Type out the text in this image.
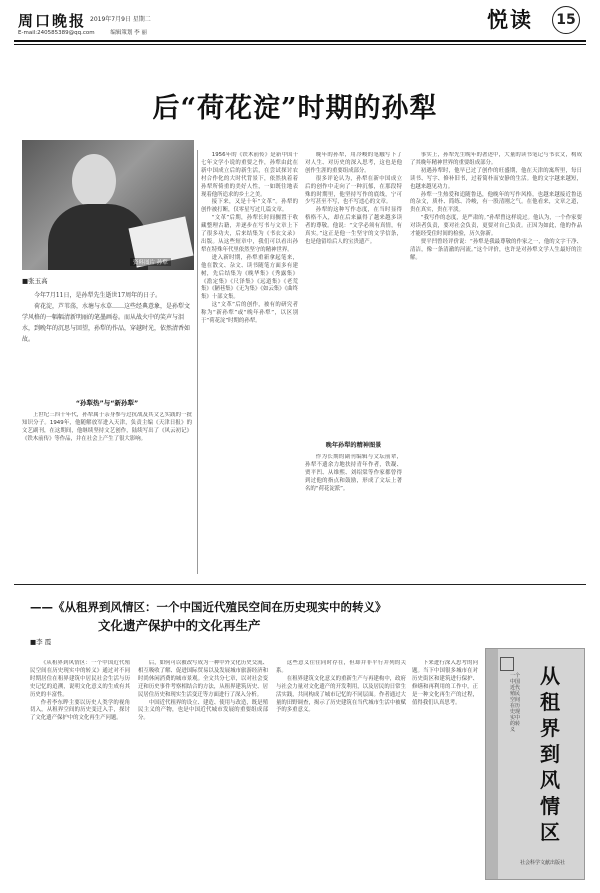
周口晚报 2019年7月9日 星期二
E-mail:240585389@qq.com	编辑策划 李 丽
悦读	15
后“荷花淀”时期的孙犁
资料图片 孙犁
■张玉高

今年7月11日，是孙犁先生逝世17周年的日子。

荷花淀，芦苇荡，水塘与水草……这些经典意象，是孙犁文学风格的一幅幅清新明丽的笔墨画卷。而从战火中的笑声与泪水，到晚年的沉思与回望，孙犁的作品，穿越时光，依然清香如故。

“孙犁热”与“新孙犁”

上世纪三四十年代，孙犁属于亲身参与过抗战及其文艺实践的一批知识分子。1949年，他随解放军进入天津，负责主编《天津日报》的文艺副刊，在这期间，他继续坚持文艺创作，陆续写出了《风云初记》《铁木前传》等作品，并在社会上产生了很大影响。

1956年的《铁木前传》是新中国十七年文学小说的重要之作，孙犁由此在新中国成立后的新生活，在尝试探讨农村合作化的大时代背景下，依然执着着孙犁所倚重的美好人性，一如既往地表现着他所追求的乡土之美。

接下来，又是十年“文革”。孙犁的创作被打断，仅零星写过几篇文章。

“文革”后期，孙犁长时间搁置于收藏整理古籍，并逐步在写书与文章上下了很多功夫，后来结集为《书衣文录》出版。从这些短章中，我们可以看出孙犁在特殊年代里依然坚守的精神世界。

进入新时期，孙犁重新拿起笔来，他在散文、杂文、读书随笔方面多有建树，先后结集为《晚华集》《秀露集》《澹定集》《尺泽集》《远道集》《老荒集》《陋巷集》《无为集》《如云集》《曲终集》十部文集。

这“文革”后的创作，被有的研究者称为“新孙犁”或“晚年孙犁”，以区别于“荷花淀”时期的孙犁。

晚年的孙犁，用冷峻的笔触写下了对人生、对历史的深入思考，这也是他创作生涯的重要组成部分。

很多评论认为，孙犁在新中国成立后的创作中走向了一种沉郁，在那段特殊的时期里，他坚持写作的底线，宁可少写甚至不写，也不写违心的文章。

孙犁的这种写作态度，在当时显得格格不入，却在后来赢得了越来越多读者的尊敬。他说：“文学必须有真情，有真实。”这正是他一生坚守的文学信条，也是他留给后人的宝贵遗产。

晚年孙犁的精神图景

作为长期的副刊编辑与文坛前辈，孙犁不遗余力地扶持青年作者，铁凝、贾平凹、从维熙、刘绍棠等作家都曾得到过他的指点和鼓励，形成了文坛上著名的“荷花淀派”。

事实上，孙犁先生晚年的著述中，大量的读书笔记与书衣文，构成了其晚年精神世界的重要组成部分。

初遇孙犁时，他早已过了创作的旺盛期，他在天津的寓所里，每日读书、写字、修补旧书，过着简朴而安静的生活。他的文字越来越短，也越来越见功力。

孙犁一生热爱和追随鲁迅，他晚年的写作风格，也越来越接近鲁迅的杂文，质朴、简练、冷峻，有一股清刚之气。在他看来，文章之道，贵在真实，贵在平淡。

“我写作的态度，是严肃的。”孙犁曾这样说过。他认为，一个作家要对读者负责，要对社会负责，更要对自己负责。正因为如此，他的作品才能经受住时间的检验，历久弥新。

贾平凹曾经评价说：“孙犁是我最尊敬的作家之一，他的文字干净、清洁，像一条清澈的河流。”这个评价，也许是对孙犁文学人生最好的注解。

——《从租界到风情区：一个中国近代殖民空间在历史现实中的转义》
文化遗产保护中的文化再生产
■李 霞

《从租界到风情区：一个中国近代殖民空间在历史现实中的转义》通过对不同时期居住在租界建筑中居民社会生活与历史记忆的追溯，说明文化意义的生成有其历史的丰富性。

作者李东晔主要以历史人类学的视角切入，从租界空间的历史变迁入手，探讨了文化遗产保护中的文化再生产问题。

后，如何可以被改写成为一种中外文化历史交流、相互吸收了解、促进国际贸易以及发展城市旅游经济和时尚休闲消费的城市景观。全文共分七章，以对社会变迁和历史事件考察相结合的方法，从租界建筑历史、居民居住历史和现实生活变迁等方面进行了深入分析。

中国近代租界的设立、建造、使用与改造，既是殖民主义的产物，也是中国近代城市发展的重要组成部分。

这些意义往往同时存在，但却并非平行并列的关系。

在租界建筑文化意义的重新生产与再建构中，政府与社会力量对文化遗产的开发利用，以及居民的日常生活实践，共同构成了城市记忆的不同层面。作者通过大量的田野调查，揭示了历史建筑在当代城市生活中被赋予的多重意义。

下来进行深入思考的问题。当下中国很多城市在对历史街区和建筑进行保护、修缮和再利用的工作中，正是一种文化再生产的过程，值得我们认真思考。

一个中国近代殖民空间在历史现实中的转义
从租界到风情区
社会科学文献出版社
